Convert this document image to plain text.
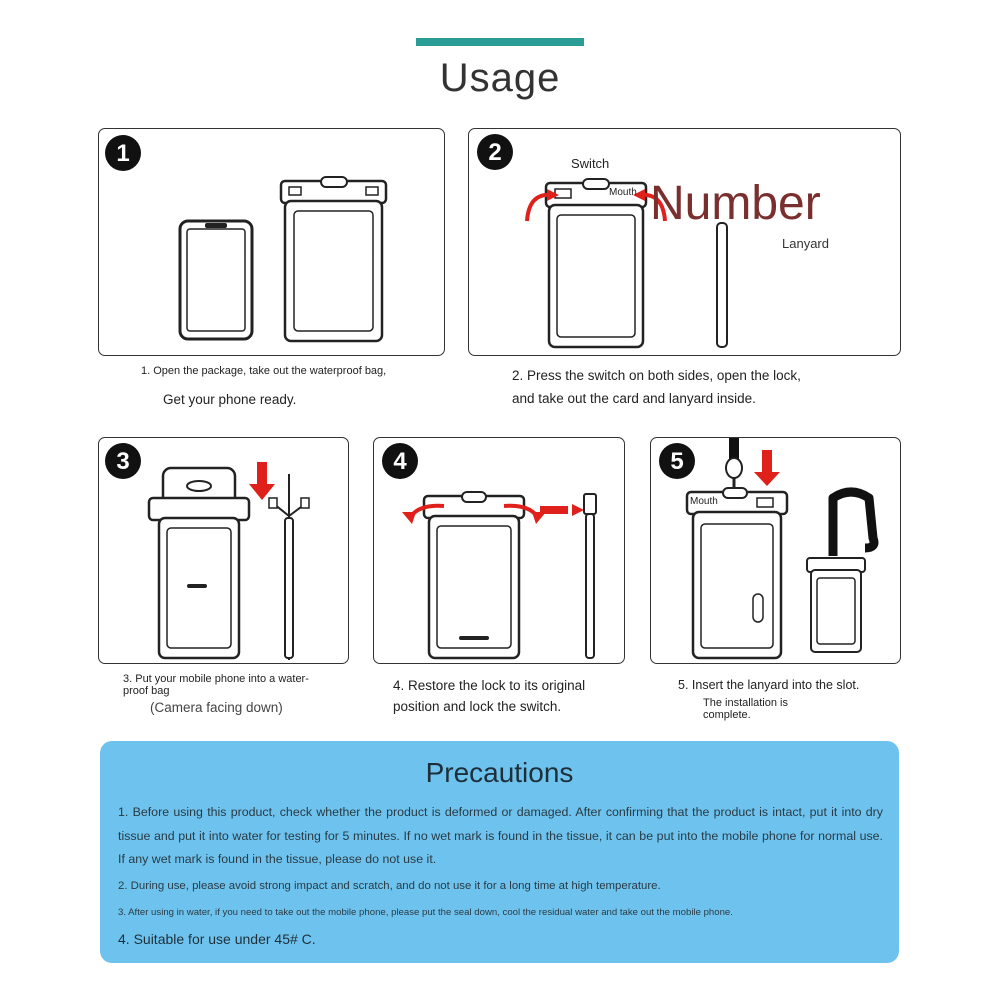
Usage
1
1. Open the package, take out the waterproof bag,
Get your phone ready.
2	Switch
Mouth Number
Lanyard
2. Press the switch on both sides, open the lock,
and take out the card and lanyard inside.
3
3. Put your mobile phone into a water-proof bag
(Camera facing down)
4
4. Restore the lock to its original
position and lock the switch.
5
Mouth
5. Insert the lanyard into the slot.
The installation is complete.
Precautions
1. Before using this product, check whether the product is deformed or damaged. After confirming that the product is intact, put it into dry tissue and put it into water for testing for 5 minutes. If no wet mark is found in the tissue, it can be put into the mobile phone for normal use. If any wet mark is found in the tissue, please do not use it.
2. During use, please avoid strong impact and scratch, and do not use it for a long time at high temperature.
3. After using in water, if you need to take out the mobile phone, please put the seal down, cool the residual water and take out the mobile phone.
4. Suitable for use under 45# C.
